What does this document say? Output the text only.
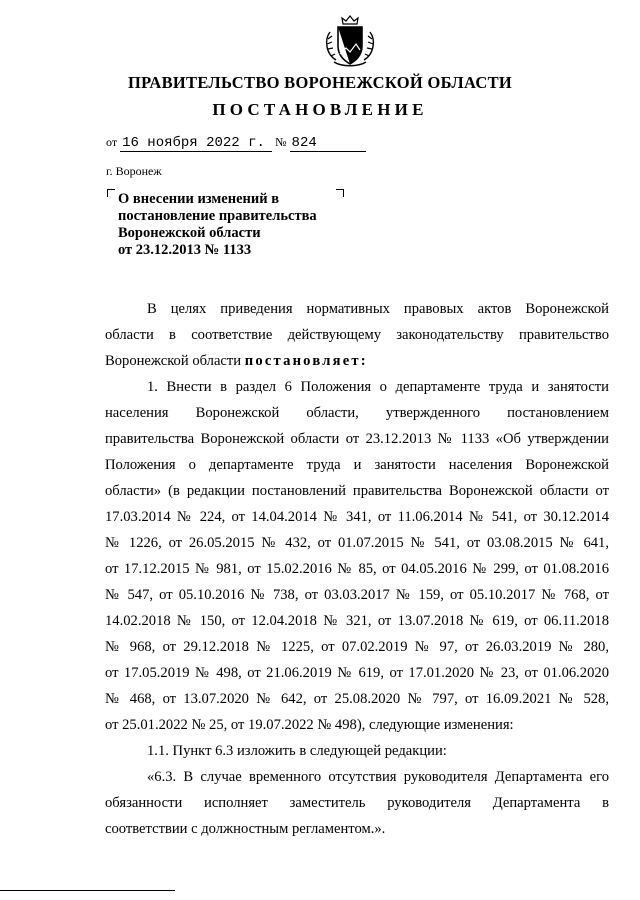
ПРАВИТЕЛЬСТВО ВОРОНЕЖСКОЙ ОБЛАСТИ
ПОСТАНОВЛЕНИЕ
от 16 ноября 2022 г. № 824
г. Воронеж
О внесении изменений в
постановление правительства
Воронежской области
от 23.12.2013 № 1133
В целях приведения нормативных правовых актов Воронежской
области в соответствие действующему законодательству правительство
Воронежской области постановляет:
1. Внести в раздел 6 Положения о департаменте труда и занятости
населения Воронежской области, утвержденного постановлением
правительства Воронежской области от 23.12.2013 № 1133 «Об утверждении
Положения о департаменте труда и занятости населения Воронежской
области» (в редакции постановлений правительства Воронежской области от
17.03.2014 № 224, от 14.04.2014 № 341, от 11.06.2014 № 541, от 30.12.2014
№ 1226, от 26.05.2015 № 432, от 01.07.2015 № 541, от 03.08.2015 № 641,
от 17.12.2015 № 981, от 15.02.2016 № 85, от 04.05.2016 № 299, от 01.08.2016
№ 547, от 05.10.2016 № 738, от 03.03.2017 № 159, от 05.10.2017 № 768, от
14.02.2018 № 150, от 12.04.2018 № 321, от 13.07.2018 № 619, от 06.11.2018
№ 968, от 29.12.2018 № 1225, от 07.02.2019 № 97, от 26.03.2019 № 280,
от 17.05.2019 № 498, от 21.06.2019 № 619, от 17.01.2020 № 23, от 01.06.2020
№ 468, от 13.07.2020 № 642, от 25.08.2020 № 797, от 16.09.2021 № 528,
от 25.01.2022 № 25, от 19.07.2022 № 498), следующие изменения:
1.1. Пункт 6.3 изложить в следующей редакции:
«6.3. В случае временного отсутствия руководителя Департамента его
обязанности исполняет заместитель руководителя Департамента в
соответствии с должностным регламентом.».
